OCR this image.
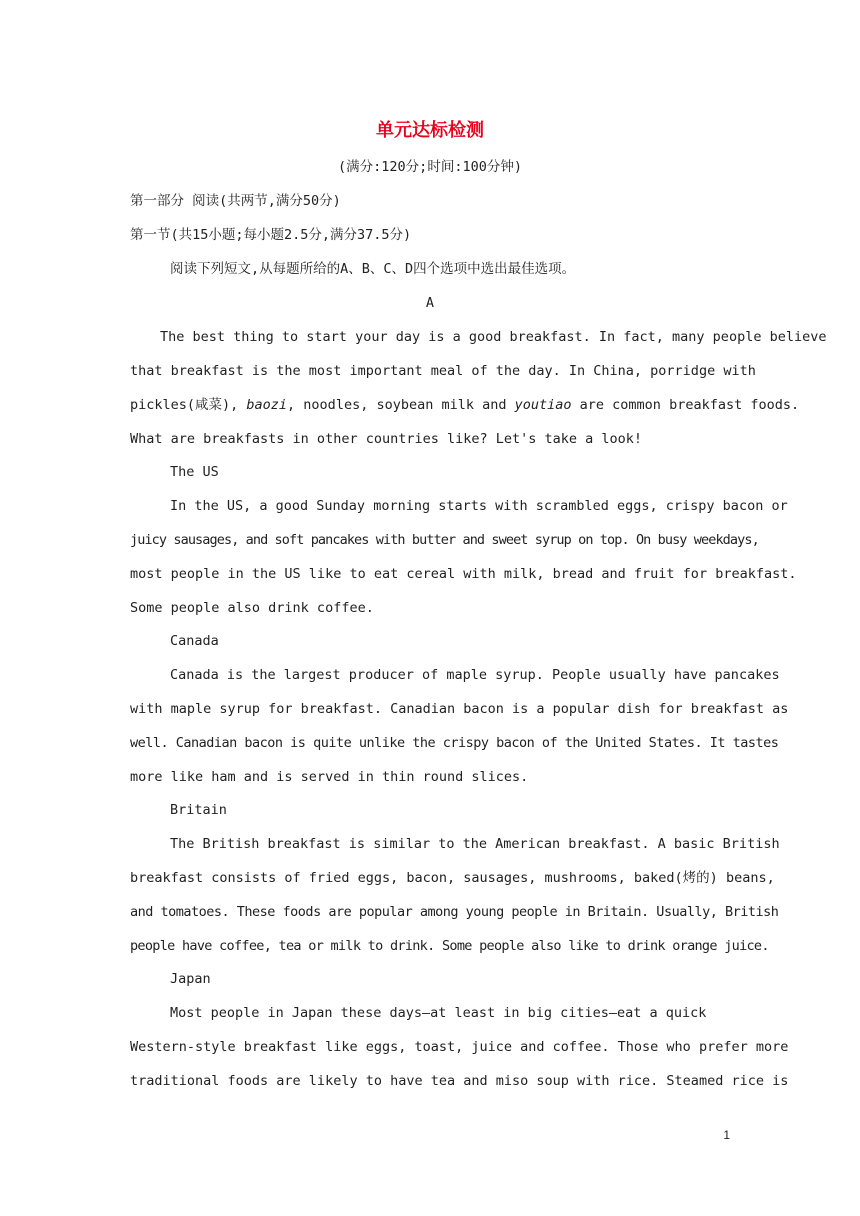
单元达标检测
(满分:120分;时间:100分钟)
第一部分 阅读(共两节,满分50分)
第一节(共15小题;每小题2.5分,满分37.5分)
阅读下列短文,从每题所给的A、B、C、D四个选项中选出最佳选项。
A
The best thing to start your day is a good breakfast. In fact, many people believe
that breakfast is the most important meal of the day. In China, porridge with
pickles(咸菜), baozi, noodles, soybean milk and youtiao are common breakfast foods.
What are breakfasts in other countries like? Let's take a look!
The US
In the US, a good Sunday morning starts with scrambled eggs, crispy bacon or
juicy sausages, and soft pancakes with butter and sweet syrup on top. On busy weekdays,
most people in the US like to eat cereal with milk, bread and fruit for breakfast.
Some people also drink coffee.
Canada
Canada is the largest producer of maple syrup. People usually have pancakes
with maple syrup for breakfast. Canadian bacon is a popular dish for breakfast as
well. Canadian bacon is quite unlike the crispy bacon of the United States. It tastes
more like ham and is served in thin round slices.
Britain
The British breakfast is similar to the American breakfast. A basic British
breakfast consists of fried eggs, bacon, sausages, mushrooms, baked(烤的) beans,
and tomatoes. These foods are popular among young people in Britain. Usually, British
people have coffee, tea or milk to drink. Some people also like to drink orange juice.
Japan
Most people in Japan these days—at least in big cities—eat a quick
Western-style breakfast like eggs, toast, juice and coffee. Those who prefer more
traditional foods are likely to have tea and miso soup with rice. Steamed rice is
1
